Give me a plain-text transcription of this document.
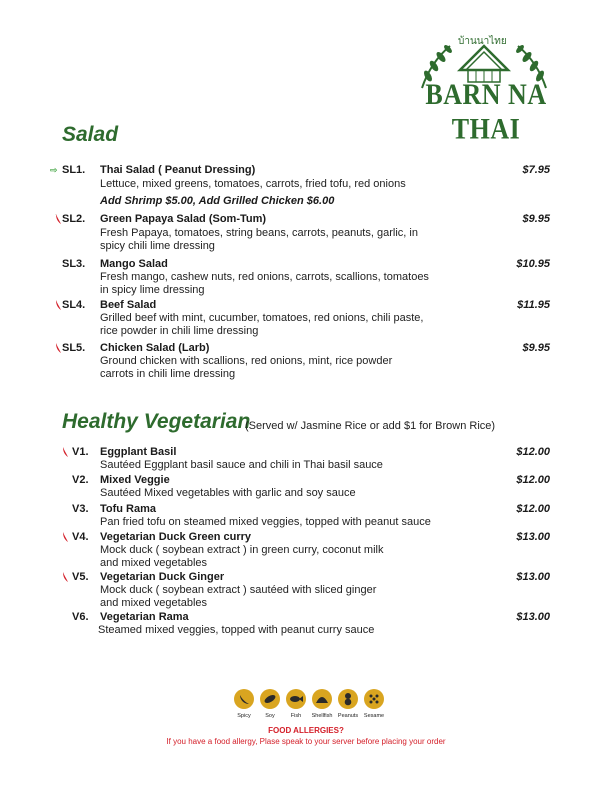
บ้านนาไทย
BARN NA THAI
Salad
⇨ SL1.	Thai Salad ( Peanut Dressing)	$7.95
Lettuce, mixed greens, tomatoes, carrots, fried tofu, red onions
Add Shrimp $5.00, Add Grilled Chicken $6.00
SL2.	Green Papaya Salad (Som-Tum)	$9.95
Fresh Papaya, tomatoes, string beans, carrots, peanuts, garlic, in
spicy chili lime dressing
SL3.	Mango Salad	$10.95
Fresh mango, cashew nuts, red onions, carrots, scallions, tomatoes
in spicy lime dressing
SL4.	Beef Salad	$11.95
Grilled beef with mint, cucumber, tomatoes, red onions, chili paste,
rice powder in chili lime dressing
SL5.	Chicken Salad (Larb)	$9.95
Ground chicken with scallions, red onions, mint, rice powder
carrots in chili lime dressing
Healthy Vegetarian
(Served w/ Jasmine Rice or add $1 for Brown Rice)
V1.	Eggplant Basil	$12.00
Sautéed Eggplant basil sauce and chili in Thai basil sauce
V2.	Mixed Veggie	$12.00
Sautéed Mixed vegetables with garlic and soy sauce
V3.	Tofu Rama	$12.00
Pan fried tofu on steamed mixed veggies, topped with peanut sauce
V4.	Vegetarian Duck Green curry	$13.00
Mock duck ( soybean extract ) in green curry, coconut milk
and mixed vegetables
V5.	Vegetarian Duck Ginger	$13.00
Mock duck ( soybean extract ) sautéed with sliced ginger
and mixed vegetables
V6.	Vegetarian Rama	$13.00
Steamed mixed veggies, topped with peanut curry sauce
Spicy	Soy	Fish	Shellfish	Peanuts	Sesame
FOOD ALLERGIES?
If you have a food allergy, Plase speak to your server before placing your order
